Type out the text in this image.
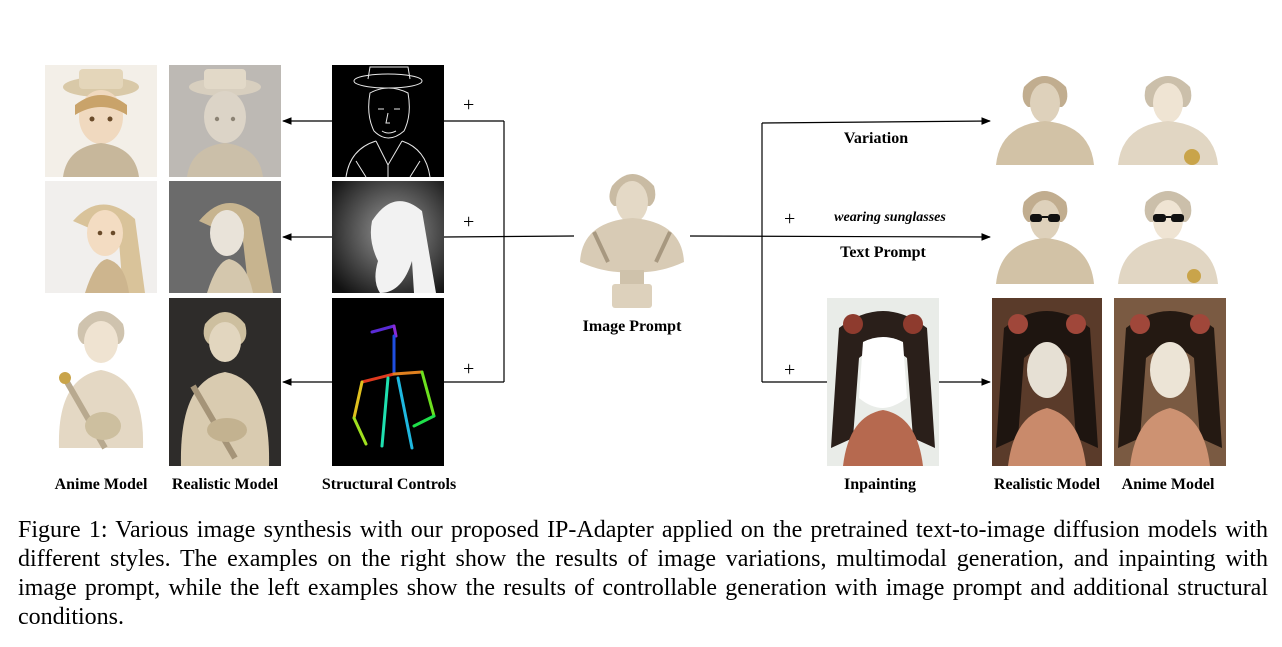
+
+
+
+
+
Anime Model	Realistic Model	Structural Controls
Image Prompt
Variation
wearing sunglasses
Text Prompt
Inpainting	Realistic Model	Anime Model
Figure 1: Various image synthesis with our proposed IP-Adapter applied on the pretrained text-to-image diffusion models with different styles. The examples on the right show the results of image variations, multimodal generation, and inpainting with image prompt, while the left examples show the results of controllable generation with image prompt and additional structural conditions.
